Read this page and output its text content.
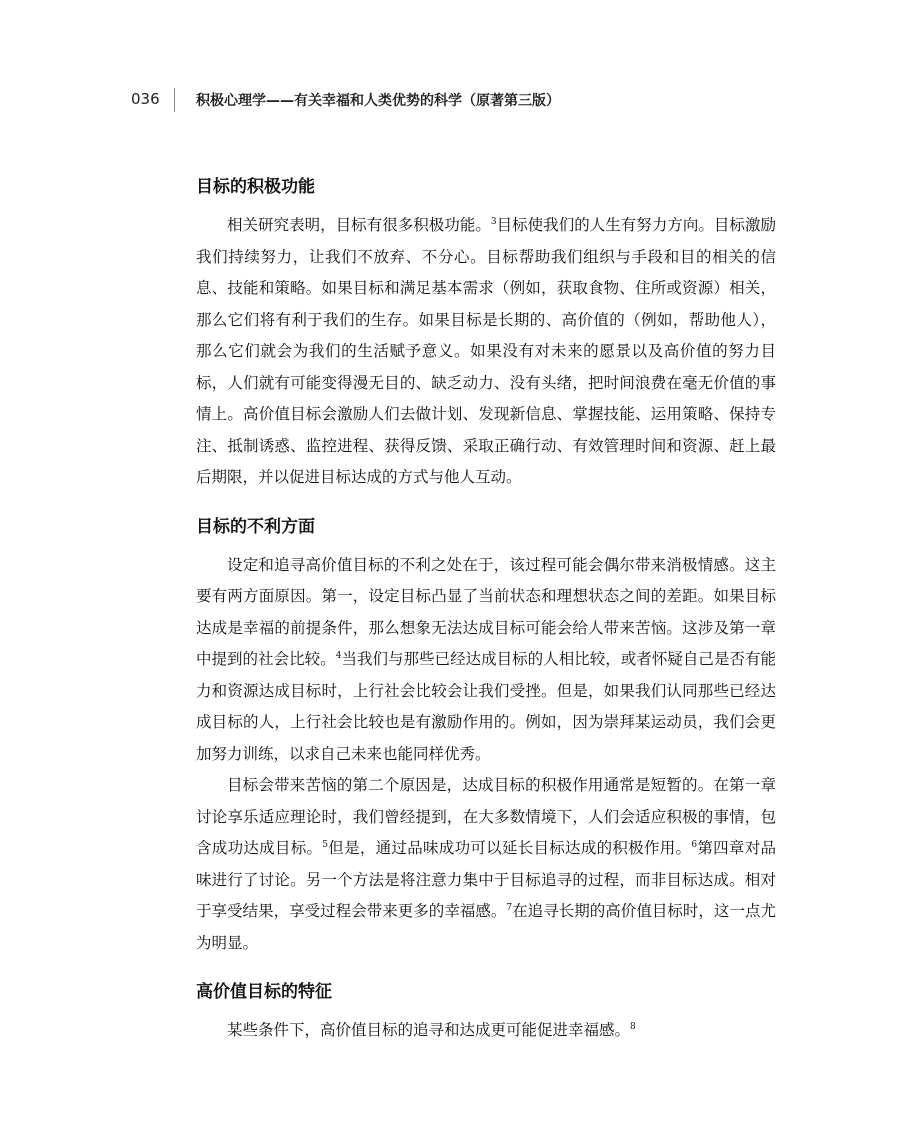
036	积极心理学——有关幸福和人类优势的科学（原著第三版）
目标的积极功能

相关研究表明，目标有很多积极功能。$^3$目标使我们的人生有努力方向。目标激励我们持续努力，让我们不放弃、不分心。目标帮助我们组织与手段和目的相关的信息、技能和策略。如果目标和满足基本需求（例如，获取食物、住所或资源）相关，那么它们将有利于我们的生存。如果目标是长期的、高价值的（例如，帮助他人），那么它们就会为我们的生活赋予意义。如果没有对未来的愿景以及高价值的努力目标，人们就有可能变得漫无目的、缺乏动力、没有头绪，把时间浪费在毫无价值的事情上。高价值目标会激励人们去做计划、发现新信息、掌握技能、运用策略、保持专注、抵制诱惑、监控进程、获得反馈、采取正确行动、有效管理时间和资源、赶上最后期限，并以促进目标达成的方式与他人互动。

目标的不利方面

设定和追寻高价值目标的不利之处在于，该过程可能会偶尔带来消极情感。这主要有两方面原因。第一，设定目标凸显了当前状态和理想状态之间的差距。如果目标达成是幸福的前提条件，那么想象无法达成目标可能会给人带来苦恼。这涉及第一章中提到的社会比较。$^4$当我们与那些已经达成目标的人相比较，或者怀疑自己是否有能力和资源达成目标时，上行社会比较会让我们受挫。但是，如果我们认同那些已经达成目标的人，上行社会比较也是有激励作用的。例如，因为崇拜某运动员，我们会更加努力训练，以求自己未来也能同样优秀。

目标会带来苦恼的第二个原因是，达成目标的积极作用通常是短暂的。在第一章讨论享乐适应理论时，我们曾经提到，在大多数情境下，人们会适应积极的事情，包含成功达成目标。$^5$但是，通过品味成功可以延长目标达成的积极作用。$^6$第四章对品味进行了讨论。另一个方法是将注意力集中于目标追寻的过程，而非目标达成。相对于享受结果，享受过程会带来更多的幸福感。$^7$在追寻长期的高价值目标时，这一点尤为明显。

高价值目标的特征

某些条件下，高价值目标的追寻和达成更可能促进幸福感。$^8$
